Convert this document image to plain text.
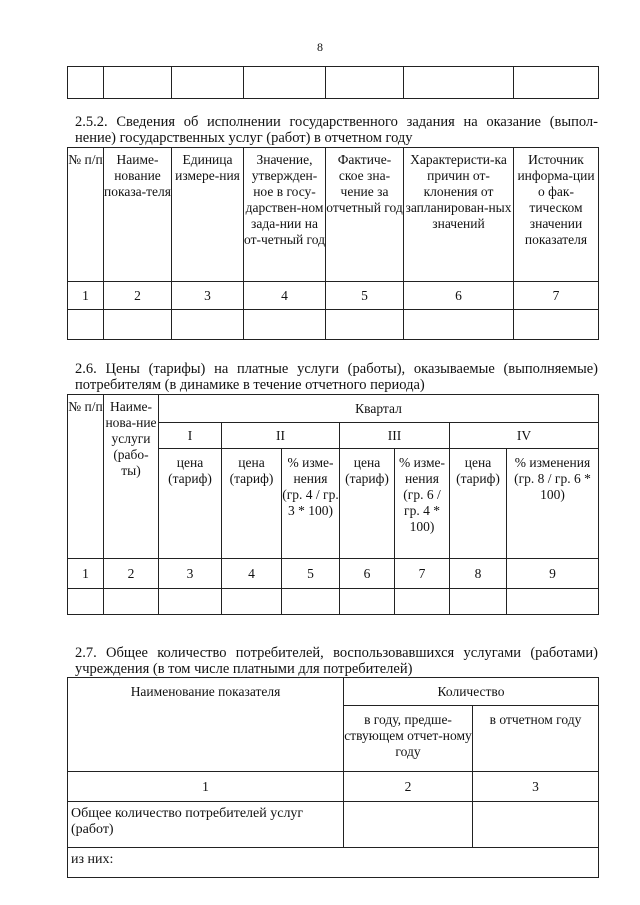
8

2.5.2. Сведения об исполнении государственного задания на оказание (выпол-
нение) государственных услуг (работ) в отчетном году
№ п/п	Наиме-нование показа-теля	Единица измере-ния	Значение, утвержден-ное в госу-дарствен-ном зада-нии на от-четный год	Фактиче-ское зна-чение за отчетный год	Характеристи-ка причин от-клонения от запланирован-ных значений	Источник информа-ции о фак-тическом значении показателя
1	2	3	4	5	6	7

2.6. Цены (тарифы) на платные услуги (работы), оказываемые (выполняемые)
потребителям (в динамике в течение отчетного периода)
№ п/п	Наиме-нова-ние услуги (рабо-ты)	Квартал						
		I	II		III		IV	
		цена (тариф)	цена (тариф)	% изме-нения (гр. 4 / гр. 3 * 100)	цена (тариф)	% изме-нения (гр. 6 / гр. 4 * 100)	цена (тариф)	% изменения (гр. 8 / гр. 6 * 100)
1	2	3	4	5	6	7	8	9

2.7. Общее количество потребителей, воспользовавшихся услугами (работами)
учреждения (в том числе платными для потребителей)
Наименование показателя	Количество	
	в году, предше-ствующем отчет-ному году	в отчетном году
1	2	3
Общее количество потребителей услуг (работ)		
из них:		
